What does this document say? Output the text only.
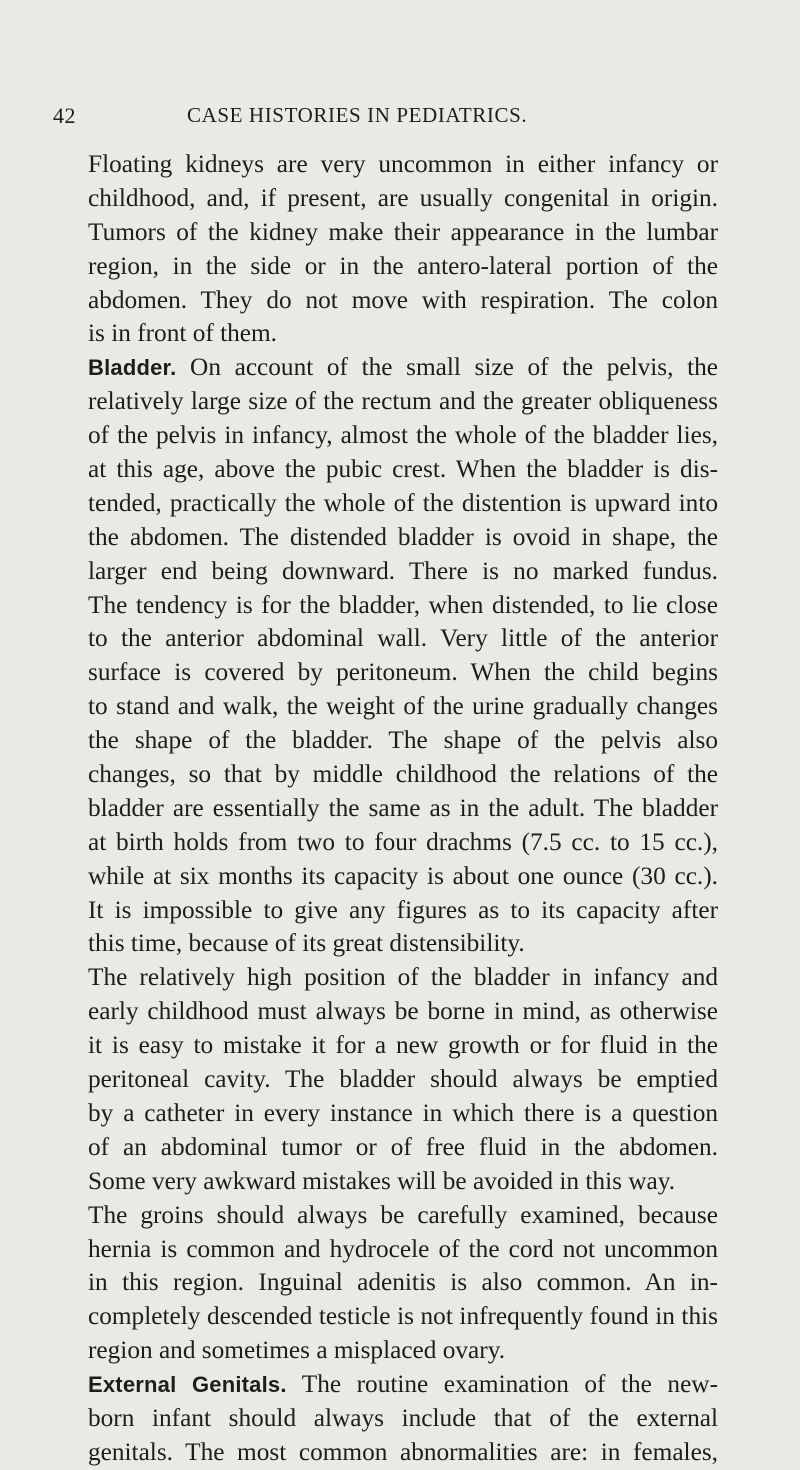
42	CASE HISTORIES IN PEDIATRICS.
Floating kidneys are very uncommon in either infancy or
childhood, and, if present, are usually congenital in origin.
Tumors of the kidney make their appearance in the lumbar
region, in the side or in the antero-lateral portion of the
abdomen. They do not move with respiration. The colon
is in front of them.
Bladder. On account of the small size of the pelvis, the
relatively large size of the rectum and the greater obliqueness
of the pelvis in infancy, almost the whole of the bladder lies,
at this age, above the pubic crest. When the bladder is dis-
tended, practically the whole of the distention is upward into
the abdomen. The distended bladder is ovoid in shape, the
larger end being downward. There is no marked fundus.
The tendency is for the bladder, when distended, to lie close
to the anterior abdominal wall. Very little of the anterior
surface is covered by peritoneum. When the child begins
to stand and walk, the weight of the urine gradually changes
the shape of the bladder. The shape of the pelvis also
changes, so that by middle childhood the relations of the
bladder are essentially the same as in the adult. The bladder
at birth holds from two to four drachms (7.5 cc. to 15 cc.),
while at six months its capacity is about one ounce (30 cc.).
It is impossible to give any figures as to its capacity after
this time, because of its great distensibility.
The relatively high position of the bladder in infancy and
early childhood must always be borne in mind, as otherwise
it is easy to mistake it for a new growth or for fluid in the
peritoneal cavity. The bladder should always be emptied
by a catheter in every instance in which there is a question
of an abdominal tumor or of free fluid in the abdomen.
Some very awkward mistakes will be avoided in this way.
The groins should always be carefully examined, because
hernia is common and hydrocele of the cord not uncommon
in this region. Inguinal adenitis is also common. An in-
completely descended testicle is not infrequently found in this
region and sometimes a misplaced ovary.
External Genitals. The routine examination of the new-
born infant should always include that of the external
genitals. The most common abnormalities are: in females,
